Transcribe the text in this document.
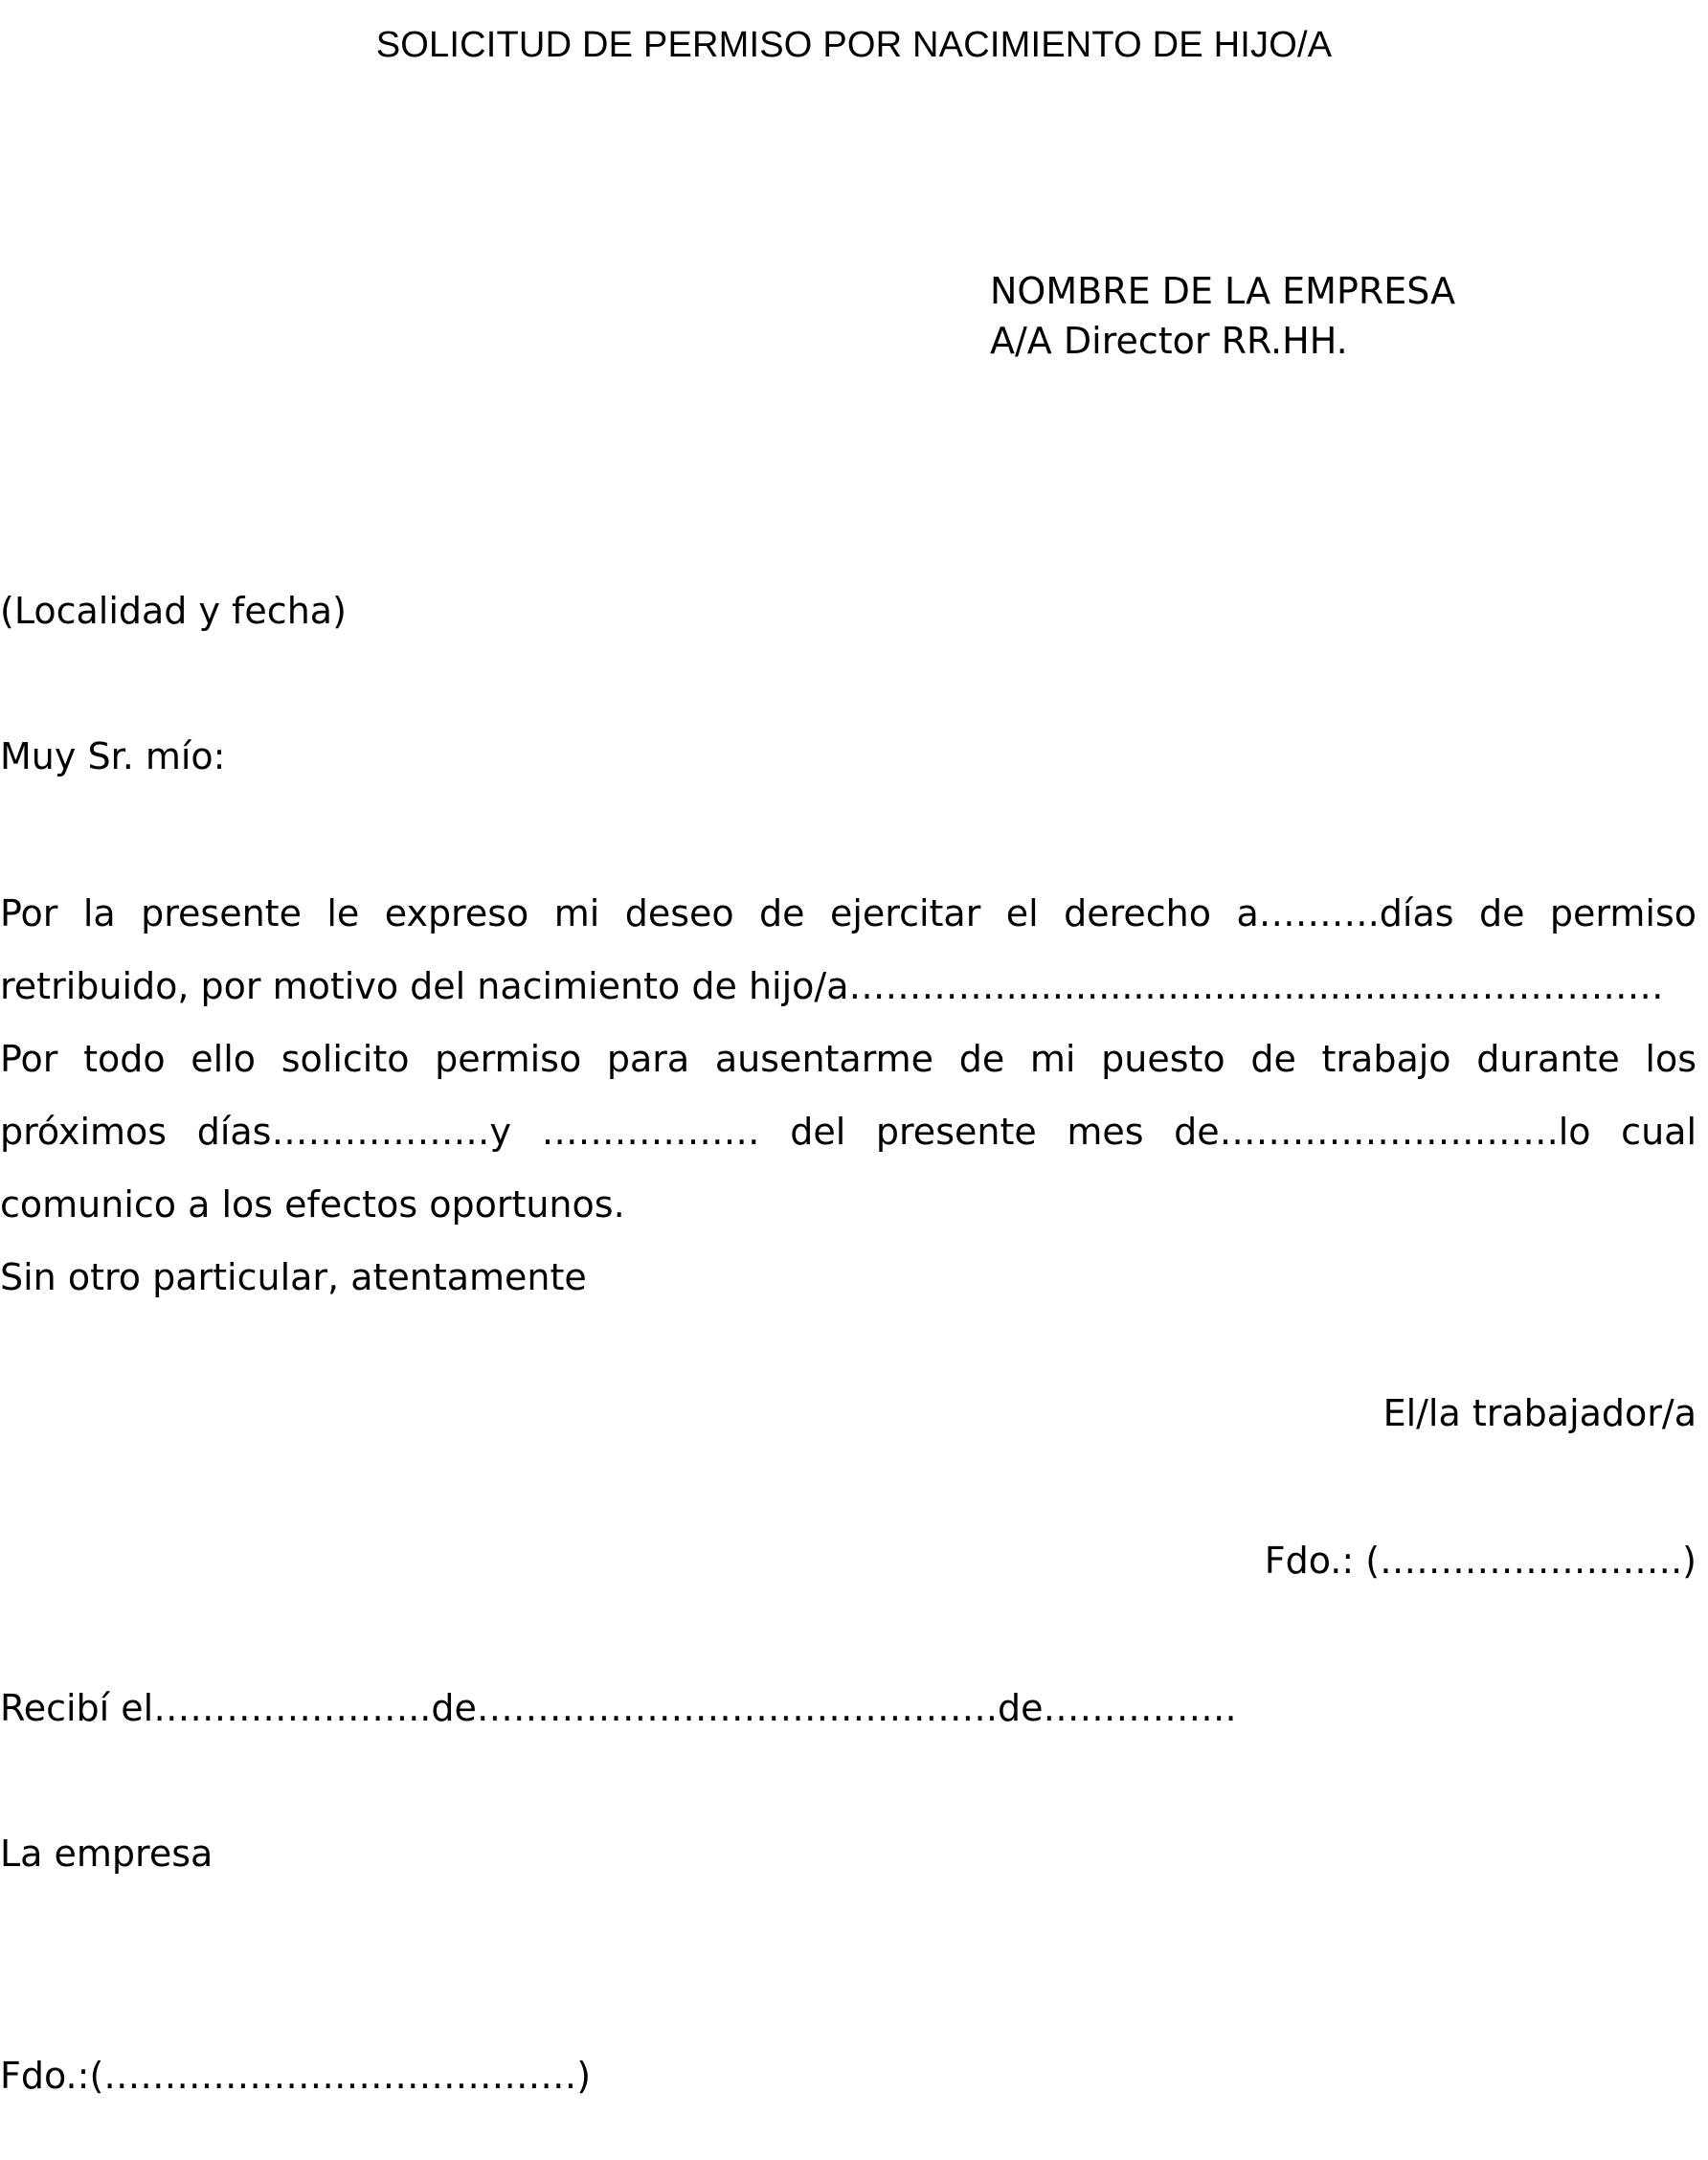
SOLICITUD DE PERMISO POR NACIMIENTO DE HIJO/A
NOMBRE DE LA EMPRESA
A/A Director RR.HH.
(Localidad y fecha)
Muy Sr. mío:
Por la presente le expreso mi deseo de ejercitar el derecho a……….días de permiso
retribuido, por motivo del nacimiento de hijo/a………….......................................………………
Por todo ello solicito permiso para ausentarme de mi puesto de trabajo durante los
próximos días………………y ……………… del presente mes de……………………….lo cual
comunico a los efectos oportunos.
Sin otro particular, atentamente
El/la trabajador/a
Fdo.: (…………………….)
Recibí el…………………..de…………………………………….de…………….
La empresa
Fdo.:(…………………………………)
